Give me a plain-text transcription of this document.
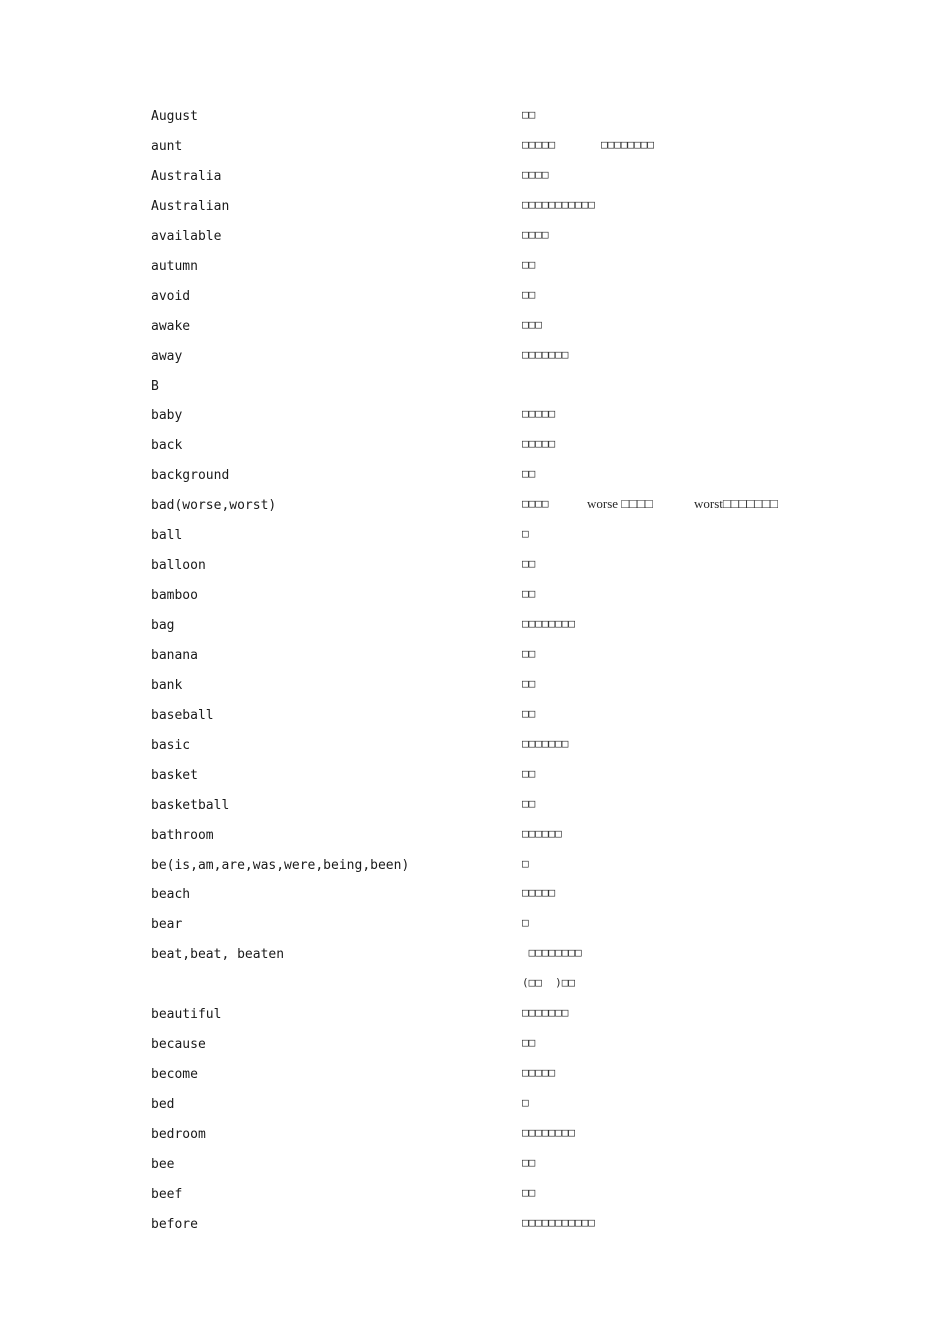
August	□□
aunt	□□□□□	□□□□□□□□
Australia	□□□□
Australian	□□□□□□□□□□□
available	□□□□
autumn	□□
avoid	□□
awake	□□□
away	□□□□□□□
B
baby	□□□□□
back	□□□□□
background	□□
bad(worse,worst)	□□□□	worse □□□□	worst□□□□□□□
ball	□
balloon	□□
bamboo	□□
bag	□□□□□□□□
banana	□□
bank	□□
baseball	□□
basic	□□□□□□□
basket	□□
basketball	□□
bathroom	□□□□□□
be(is,am,are,was,were,being,been)	□
beach	□□□□□
bear	□
beat,beat, beaten	□□□□□□□□
(□□  )□□
beautiful	□□□□□□□
because	□□
become	□□□□□
bed	□
bedroom	□□□□□□□□
bee	□□
beef	□□
before	□□□□□□□□□□□
